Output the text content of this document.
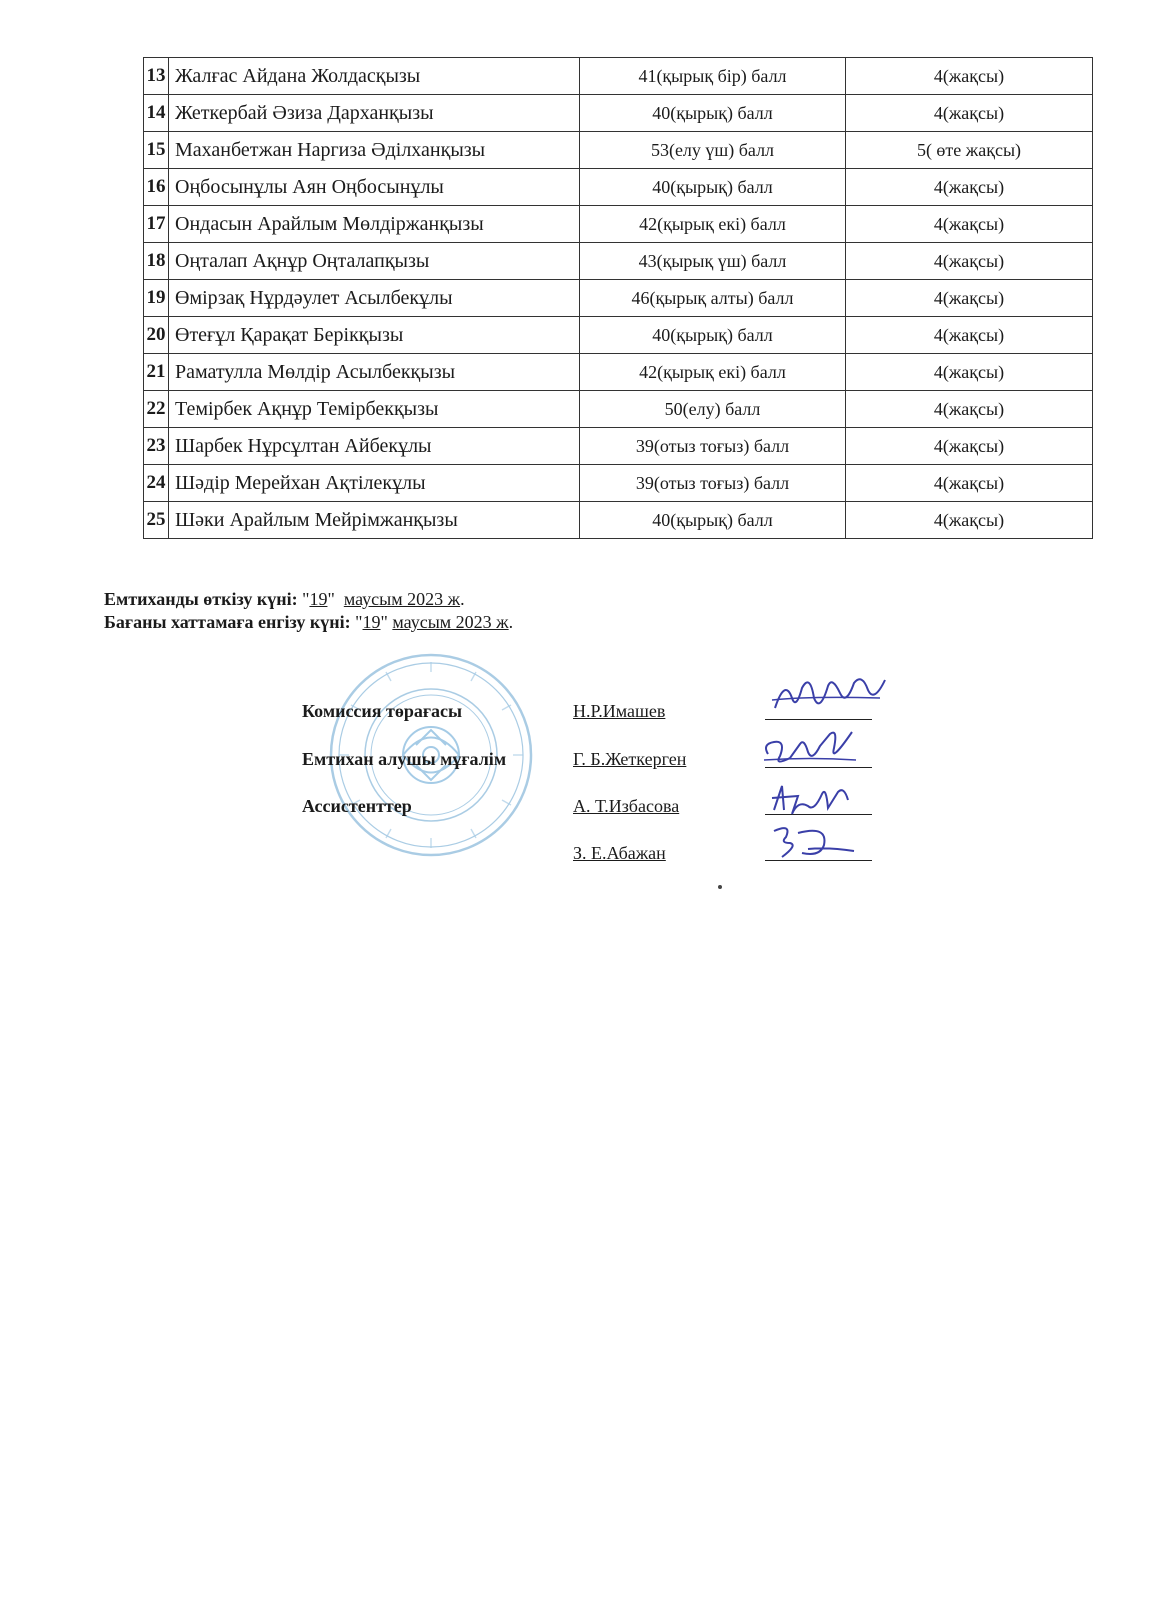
13	Жалғас Айдана Жолдасқызы	41(қырық бір) балл	4(жақсы)
14	Жеткербай Әзиза Дарханқызы	40(қырық) балл	4(жақсы)
15	Маханбетжан Наргиза Әділханқызы	53(елу үш) балл	5( өте жақсы)
16	Оңбосынұлы Аян Оңбосынұлы	40(қырық) балл	4(жақсы)
17	Ондасын Арайлым Мөлдіржанқызы	42(қырық екі) балл	4(жақсы)
18	Оңталап Ақнұр Оңталапқызы	43(қырық үш) балл	4(жақсы)
19	Өмірзақ Нұрдәулет Асылбекұлы	46(қырық алты) балл	4(жақсы)
20	Өтеғұл Қарақат Берікқызы	40(қырық) балл	4(жақсы)
21	Раматулла Мөлдір Асылбекқызы	42(қырық екі) балл	4(жақсы)
22	Темірбек Ақнұр Темірбекқызы	50(елу) балл	4(жақсы)
23	Шарбек Нұрсұлтан Айбекұлы	39(отыз тоғыз) балл	4(жақсы)
24	Шәдір Мерейхан Ақтілекұлы	39(отыз тоғыз) балл	4(жақсы)
25	Шәки Арайлым Мейрімжанқызы	40(қырық) балл	4(жақсы)
Емтиханды өткізу күні: "19"  маусым 2023 ж.
Бағаны хаттамаға енгізу күні: "19" маусым 2023 ж.
Комиссия төрағасы	Н.Р.Имашев
Емтихан алушы мұғалім	Г. Б.Жеткерген
Ассистенттер	А. Т.Избасова
З. Е.Абажан
